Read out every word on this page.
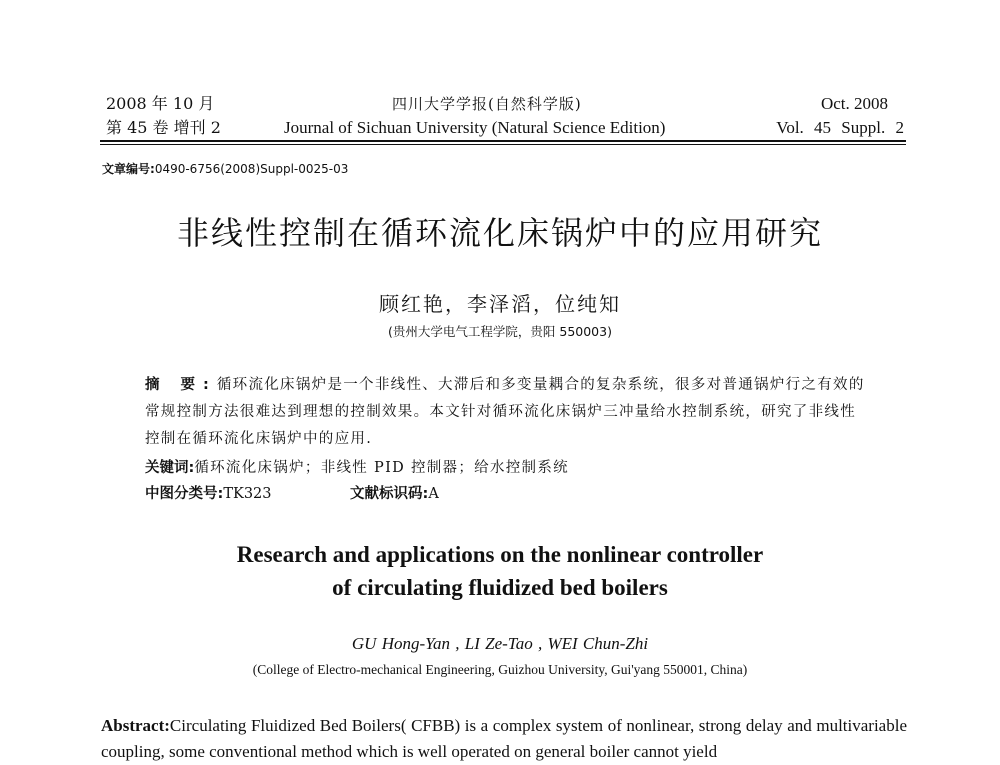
2008 年 10 月
第 45 卷 增刊 2
四川大学学报(自然科学版)
Journal of Sichuan University (Natural Science Edition)
Oct. 2008
Vol. 45 Suppl. 2
文章编号:0490-6756(2008)Suppl-0025-03
非线性控制在循环流化床锅炉中的应用研究
顾红艳，李泽滔，位纯知
(贵州大学电气工程学院，贵阳 550003)
摘 要:循环流化床锅炉是一个非线性、大滞后和多变量耦合的复杂系统，很多对普通锅炉行之有效的常规控制方法很难达到理想的控制效果。本文针对循环流化床锅炉三冲量给水控制系统，研究了非线性控制在循环流化床锅炉中的应用.
关键词:循环流化床锅炉；非线性 PID 控制器；给水控制系统
中图分类号:TK323	文献标识码:A
Research and applications on the nonlinear controller
of circulating fluidized bed boilers
GU Hong-Yan , LI Ze-Tao , WEI Chun-Zhi
(College of Electro-mechanical Engineering, Guizhou University, Gui'yang 550001, China)
Abstract:Circulating Fluidized Bed Boilers( CFBB) is a complex system of nonlinear, strong delay and multivariable coupling, some conventional method which is well operated on general boiler cannot yield
